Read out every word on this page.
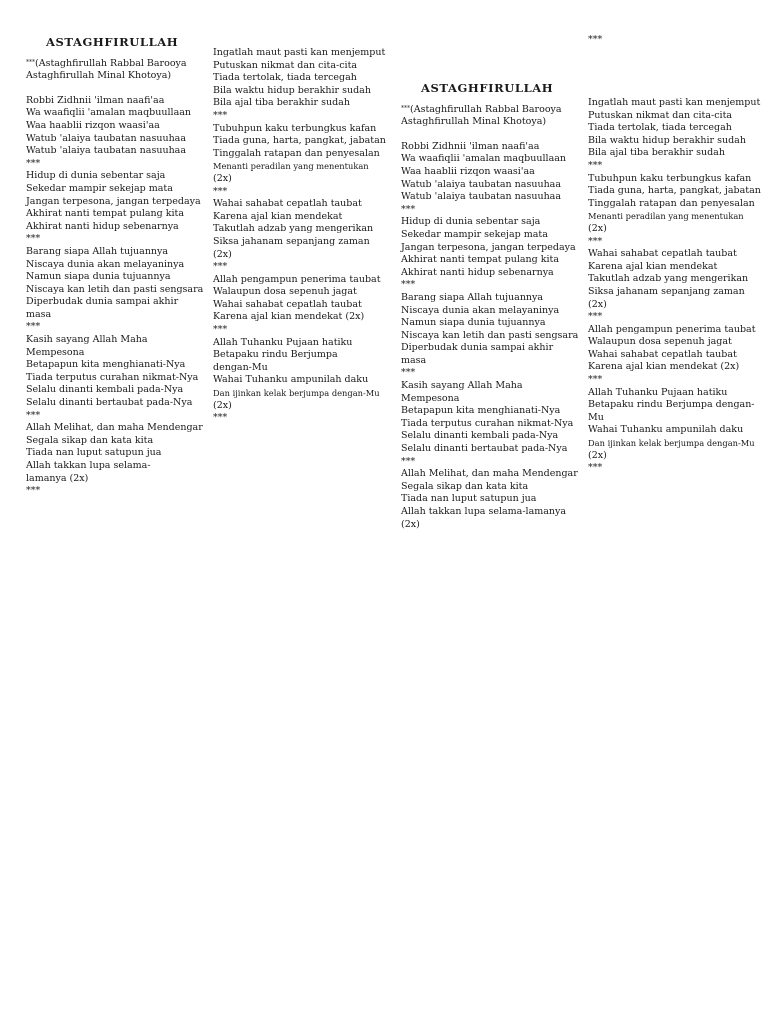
ASTAGHFIRULLAH
***(Astaghfirullah Rabbal Barooya Astaghfirullah Minal Khotoya)
Robbi Zidhnii 'ilman naafi'aa
Wa waafiqlii 'amalan maqbuullaan
Waa haablii rizqon waasi'aa
Watub 'alaiya taubatan nasuuhaa
Watub 'alaiya taubatan nasuuhaa
***
Hidup di dunia sebentar saja
Sekedar mampir sekejap mata
Jangan terpesona, jangan terpedaya
Akhirat nanti tempat pulang kita
Akhirat nanti hidup sebenarnya
***
Barang siapa Allah tujuannya
Niscaya dunia akan melayaninya
Namun siapa dunia tujuannya
Niscaya kan letih dan pasti sengsara
Diperbudak dunia sampai akhir masa
***
Kasih sayang Allah Maha Mempesona
Betapapun kita menghianati-Nya
Tiada terputus curahan nikmat-Nya
Selalu dinanti kembali pada-Nya
Selalu dinanti bertaubat pada-Nya
***
Allah Melihat, dan maha Mendengar
Segala sikap dan kata kita
Tiada nan luput satupun jua
Allah takkan lupa selama-lamanya (2x)
***
Ingatlah maut pasti kan menjemput
Putuskan nikmat dan cita-cita
Tiada tertolak, tiada tercegah
Bila waktu hidup berakhir sudah
Bila ajal tiba berakhir sudah
***
Tubuhpun kaku terbungkus kafan
Tiada guna, harta, pangkat, jabatan
Tinggalah ratapan dan penyesalan
Menanti peradilan yang menentukan
(2x)
***
Wahai sahabat cepatlah taubat
Karena ajal kian mendekat
Takutlah adzab yang mengerikan
Siksa jahanam sepanjang zaman (2x)
***
Allah pengampun penerima taubat
Walaupun dosa sepenuh jagat
Wahai sahabat cepatlah taubat
Karena ajal kian mendekat (2x)
***
Allah Tuhanku Pujaan hatiku
Betapaku rindu Berjumpa dengan-Mu
Wahai Tuhanku ampunilah daku
Dan ijinkan kelak berjumpa dengan-Mu
(2x)
***
***
ASTAGHFIRULLAH
***(Astaghfirullah Rabbal Barooya Astaghfirullah Minal Khotoya)
Robbi Zidhnii 'ilman naafi'aa
Wa waafiqlii 'amalan maqbuullaan
Waa haablii rizqon waasi'aa
Watub 'alaiya taubatan nasuuhaa
Watub 'alaiya taubatan nasuuhaa
***
Hidup di dunia sebentar saja
Sekedar mampir sekejap mata
Jangan terpesona, jangan terpedaya
Akhirat nanti tempat pulang kita
Akhirat nanti hidup sebenarnya
***
Barang siapa Allah tujuannya
Niscaya dunia akan melayaninya
Namun siapa dunia tujuannya
Niscaya kan letih dan pasti sengsara
Diperbudak dunia sampai akhir masa
***
Kasih sayang Allah Maha Mempesona
Betapapun kita menghianati-Nya
Tiada terputus curahan nikmat-Nya
Selalu dinanti kembali pada-Nya
Selalu dinanti bertaubat pada-Nya
***
Allah Melihat, dan maha Mendengar
Segala sikap dan kata kita
Tiada nan luput satupun jua
Allah takkan lupa selama-lamanya (2x)
Ingatlah maut pasti kan menjemput
Putuskan nikmat dan cita-cita
Tiada tertolak, tiada tercegah
Bila waktu hidup berakhir sudah
Bila ajal tiba berakhir sudah
***
Tubuhpun kaku terbungkus kafan
Tiada guna, harta, pangkat, jabatan
Tinggalah ratapan dan penyesalan
Menanti peradilan yang menentukan
(2x)
***
Wahai sahabat cepatlah taubat
Karena ajal kian mendekat
Takutlah adzab yang mengerikan
Siksa jahanam sepanjang zaman (2x)
***
Allah pengampun penerima taubat
Walaupun dosa sepenuh jagat
Wahai sahabat cepatlah taubat
Karena ajal kian mendekat (2x)
***
Allah Tuhanku Pujaan hatiku
Betapaku rindu Berjumpa dengan-Mu
Wahai Tuhanku ampunilah daku
Dan ijinkan kelak berjumpa dengan-Mu
(2x)
***
